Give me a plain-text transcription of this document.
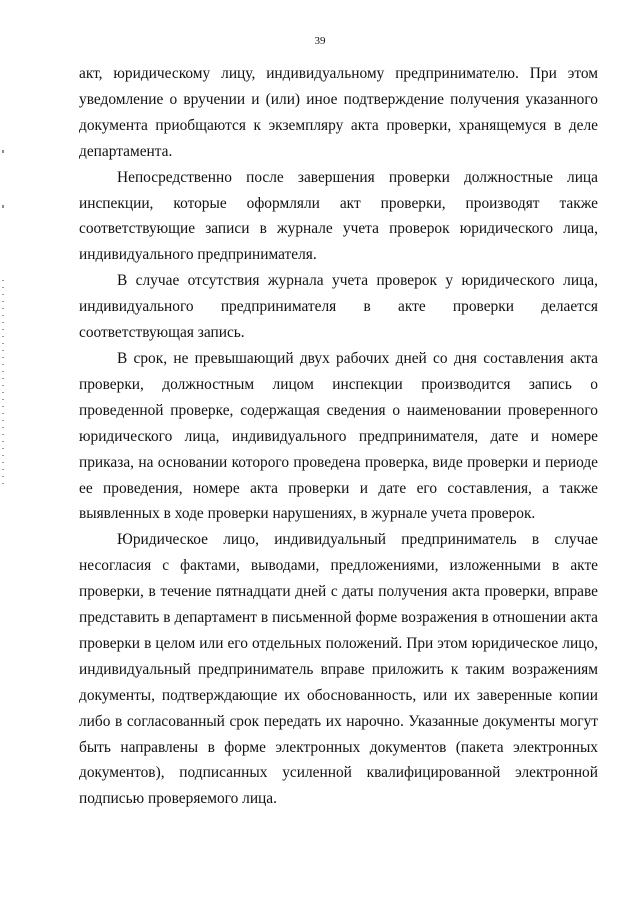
39

акт, юридическому лицу, индивидуальному предпринимателю. При этом уведомление о вручении и (или) иное подтверждение получения указанного документа приобщаются к экземпляру акта проверки, хранящемуся в деле департамента.

Непосредственно после завершения проверки должностные лица инспекции, которые оформляли акт проверки, производят также соответствующие записи в журнале учета проверок юридического лица, индивидуального предпринимателя.

В случае отсутствия журнала учета проверок у юридического лица, индивидуального предпринимателя в акте проверки делается соответствующая запись.

В срок, не превышающий двух рабочих дней со дня составления акта проверки, должностным лицом инспекции производится запись о проведенной проверке, содержащая сведения о наименовании проверенного юридического лица, индивидуального предпринимателя, дате и номере приказа, на основании которого проведена проверка, виде проверки и периоде ее проведения, номере акта проверки и дате его составления, а также выявленных в ходе проверки нарушениях, в журнале учета проверок.

Юридическое лицо, индивидуальный предприниматель в случае несогласия с фактами, выводами, предложениями, изложенными в акте проверки, в течение пятнадцати дней с даты получения акта проверки, вправе представить в департамент в письменной форме возражения в отношении акта проверки в целом или его отдельных положений. При этом юридическое лицо, индивидуальный предприниматель вправе приложить к таким возражениям документы, подтверждающие их обоснованность, или их заверенные копии либо в согласованный срок передать их нарочно. Указанные документы могут быть направлены в форме электронных документов (пакета электронных документов), подписанных усиленной квалифицированной электронной подписью проверяемого лица.
